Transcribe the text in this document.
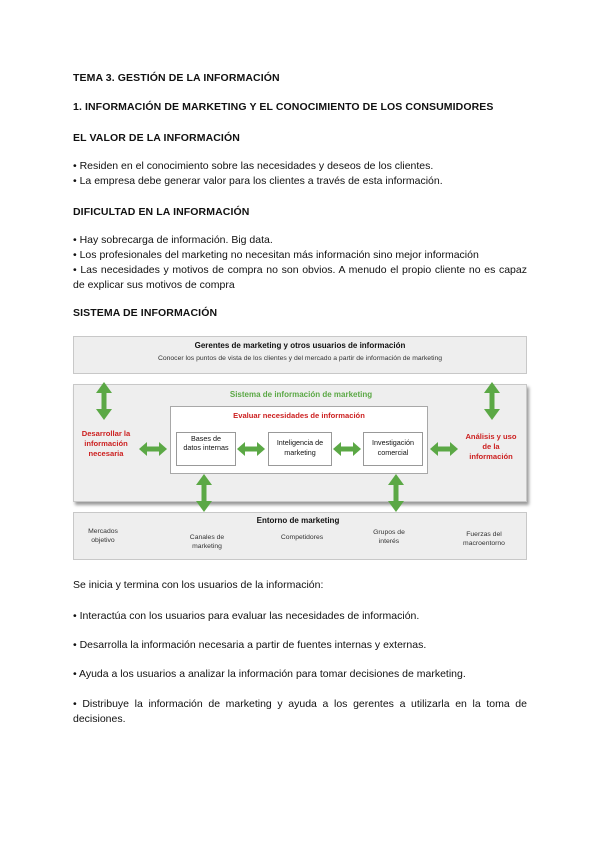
TEMA 3. GESTIÓN DE LA INFORMACIÓN
1. INFORMACIÓN DE MARKETING Y EL CONOCIMIENTO DE LOS CONSUMIDORES
EL VALOR DE LA INFORMACIÓN
• Residen en el conocimiento sobre las necesidades y deseos de los clientes.
• La empresa debe generar valor para los clientes a través de esta información.
DIFICULTAD EN LA INFORMACIÓN
• Hay sobrecarga de información. Big data.
• Los profesionales del marketing no necesitan más información sino mejor información
• Las necesidades y motivos de compra no son obvios. A menudo el propio cliente no es capaz de explicar sus motivos de compra
SISTEMA DE INFORMACIÓN
Gerentes de marketing y otros usuarios de información
Conocer los puntos de vista de los clientes y del mercado a partir de información de marketing
Sistema de información de marketing
Evaluar necesidades de información
Bases de datos internas
Inteligencia de marketing
Investigación comercial
Desarrollar la información necesaria
Análisis y uso de la información
Entorno de marketing
Mercados objetivo	Canales de marketing
Competidores
Grupos de interés
Fuerzas del macroentorno
Se inicia y termina con los usuarios de la información:
• Interactúa con los usuarios para evaluar las necesidades de información.
• Desarrolla la información necesaria a partir de fuentes internas y externas.
• Ayuda a los usuarios a analizar la información para tomar decisiones de marketing.
• Distribuye la información de marketing y ayuda a los gerentes a utilizarla en la toma de decisiones.
